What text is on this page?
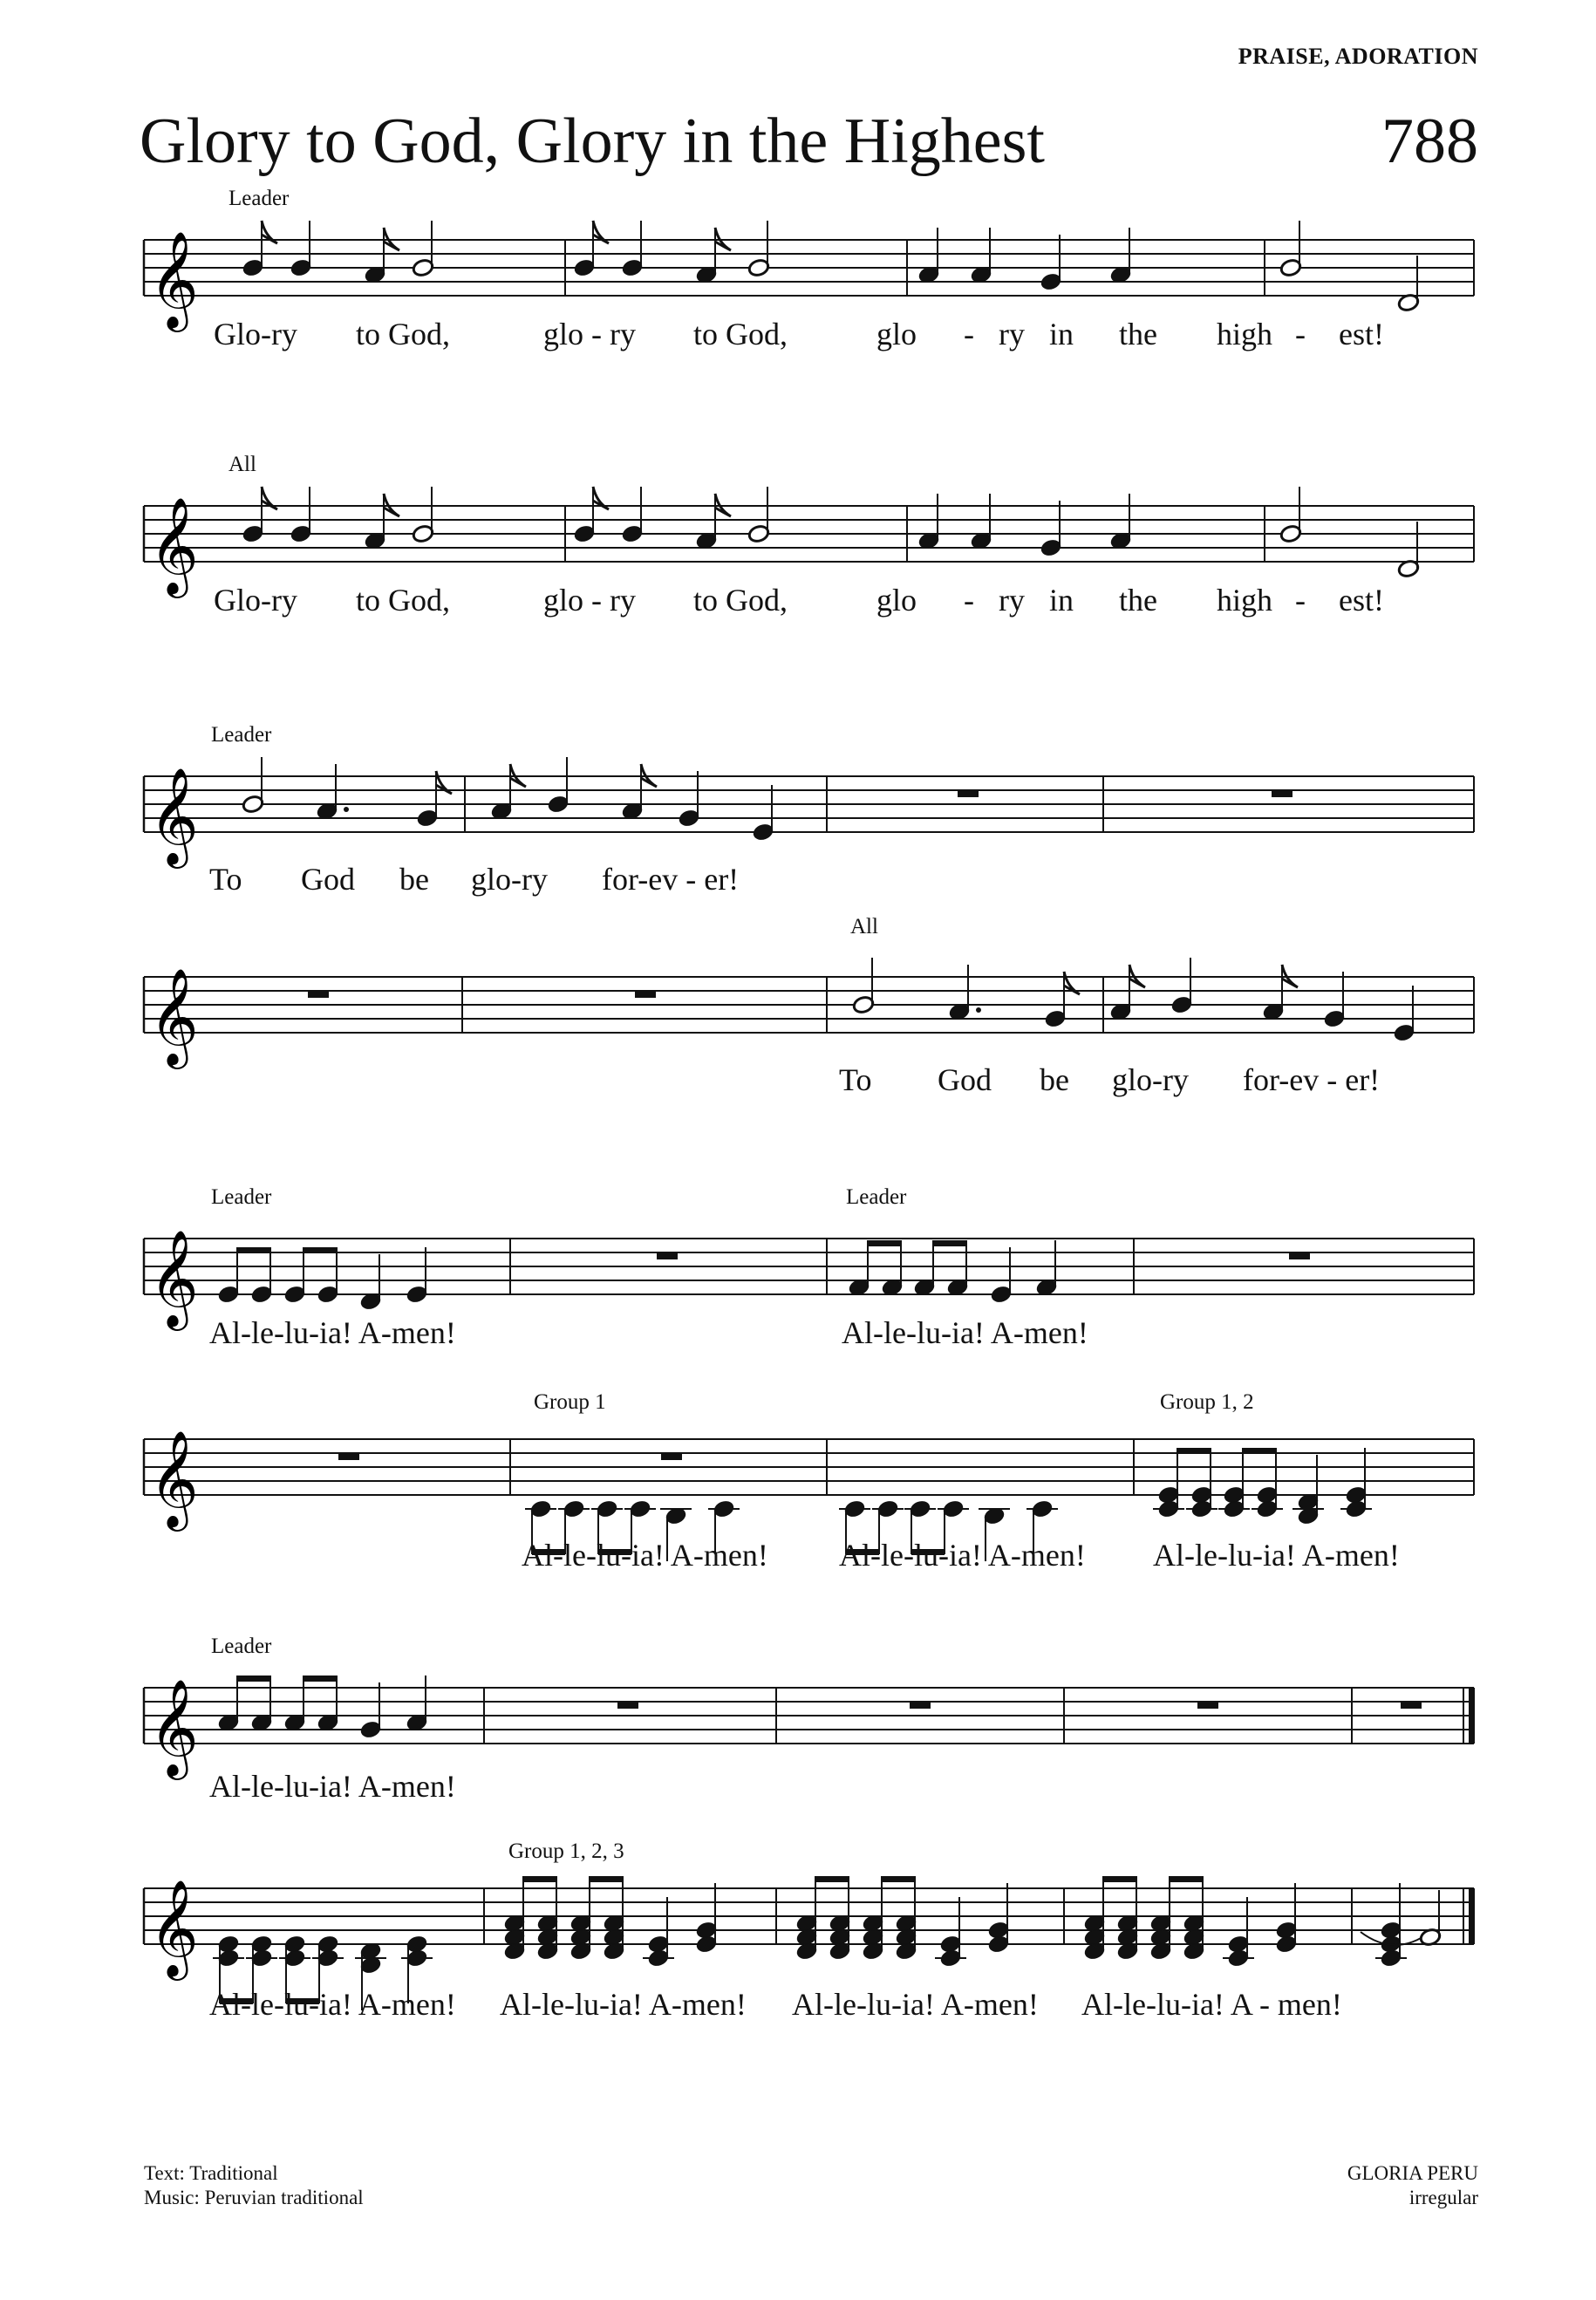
PRAISE, ADORATION
Glory to God, Glory in the Highest	788
𝄞
Leader
Glo-ry to God,	glo - ry to God,	glo - ry in the high - est!
𝄞
All
Glo-ry to God,	glo - ry to God,	glo - ry in the high - est!
𝄞
Leader
To God be glo-ry for-ev - er!
𝄞
All
To God be glo-ry for-ev - er!
𝄞
Leader	Leader
Al-le-lu-ia! A-men!	Al-le-lu-ia! A-men!
𝄞
Group 1	Group 1, 2
Al-le-lu-ia! A-men! Al-le-lu-ia! A-men! Al-le-lu-ia! A-men!
𝄞
Leader
Al-le-lu-ia! A-men!
𝄞
Group 1, 2, 3
Al-le-lu-ia! A-men! Al-le-lu-ia! A-men! Al-le-lu-ia! A-men! Al-le-lu-ia! A - men!
Text: Traditional
Music: Peruvian traditional
GLORIA PERU
irregular
